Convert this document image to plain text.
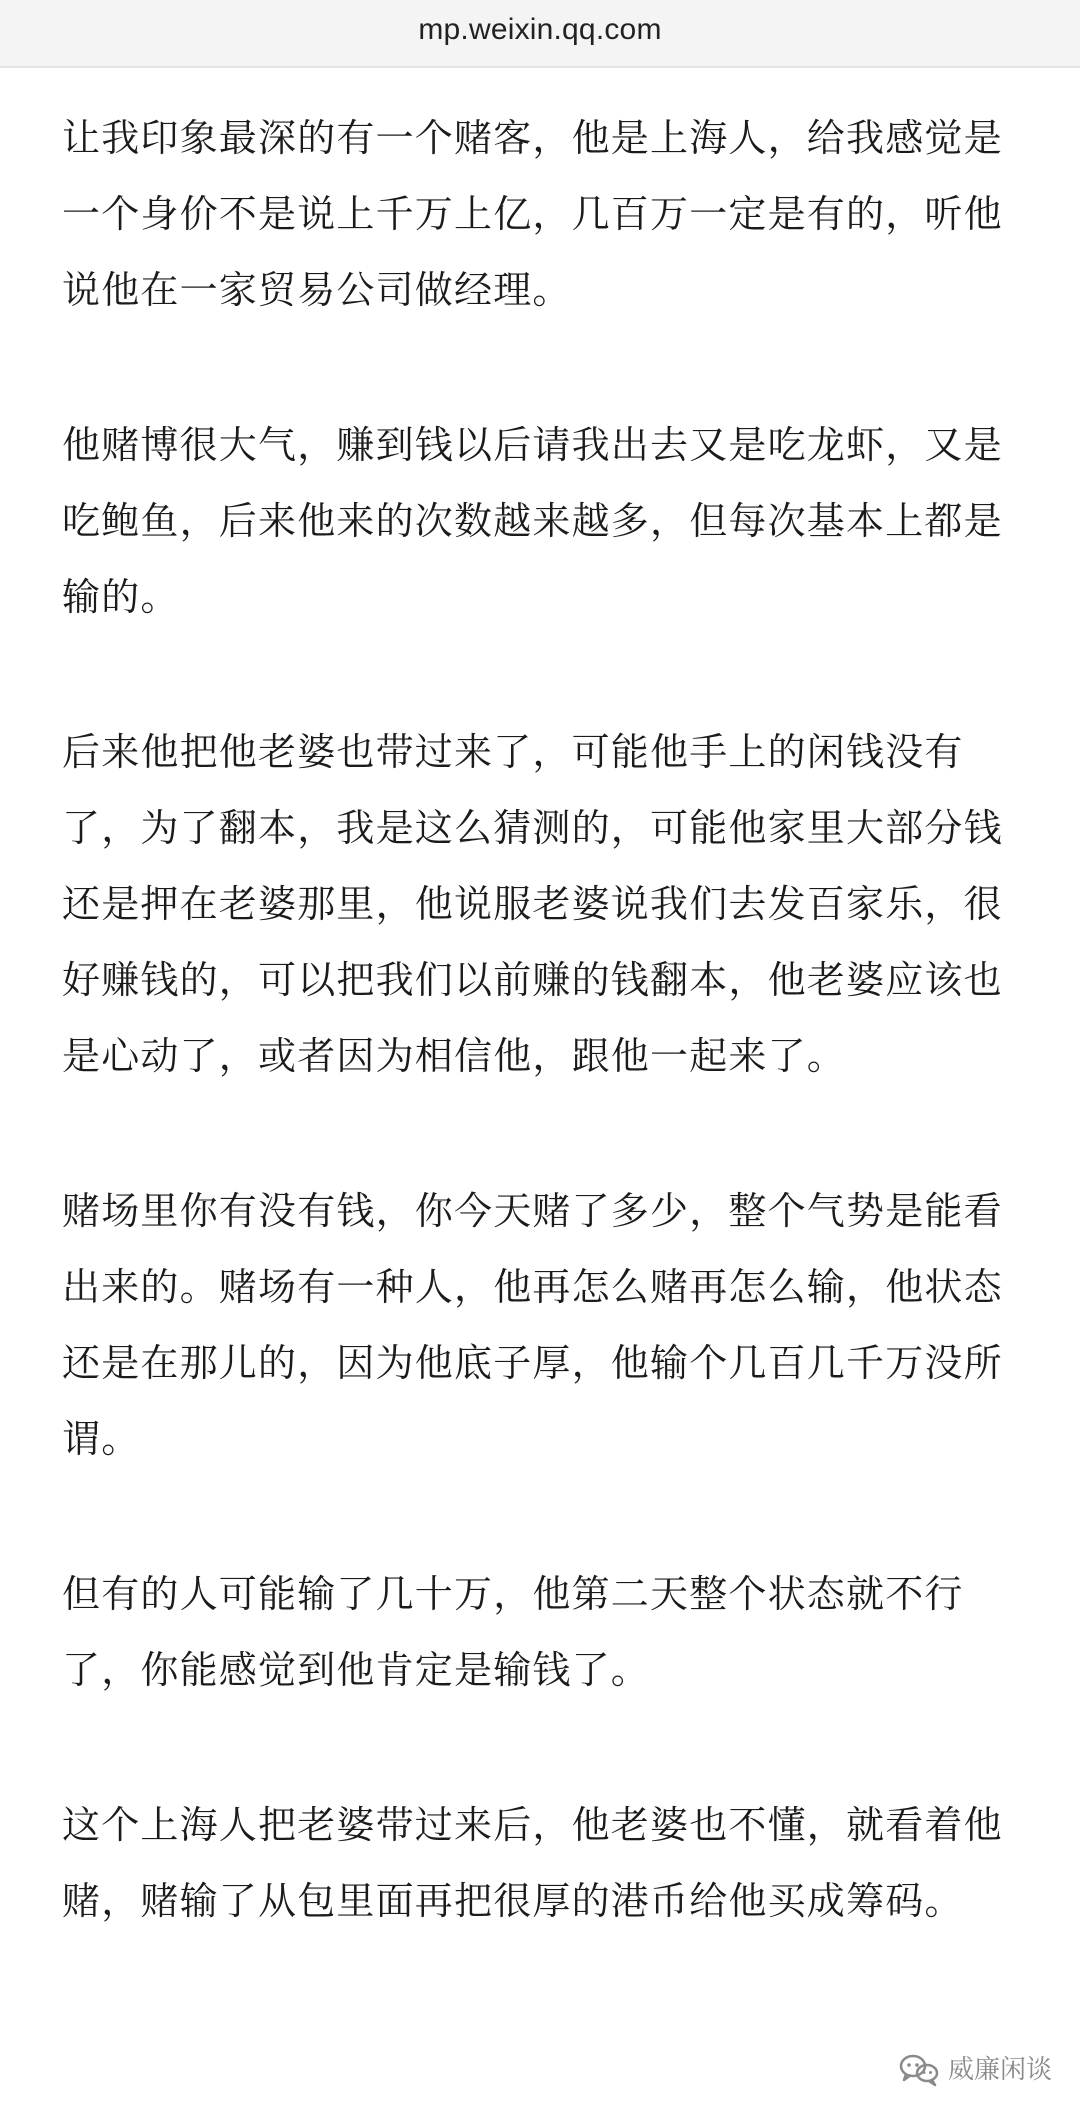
mp.weixin.qq.com

让我印象最深的有一个赌客，他是上海人，给我感觉是一个身价不是说上千万上亿，几百万一定是有的，听他说他在一家贸易公司做经理。

他赌博很大气，赚到钱以后请我出去又是吃龙虾，又是吃鲍鱼，后来他来的次数越来越多，但每次基本上都是输的。

后来他把他老婆也带过来了，可能他手上的闲钱没有了，为了翻本，我是这么猜测的，可能他家里大部分钱还是押在老婆那里，他说服老婆说我们去发百家乐，很好赚钱的，可以把我们以前赚的钱翻本，他老婆应该也是心动了，或者因为相信他，跟他一起来了。

赌场里你有没有钱，你今天赌了多少，整个气势是能看出来的。赌场有一种人，他再怎么赌再怎么输，他状态还是在那儿的，因为他底子厚，他输个几百几千万没所谓。

但有的人可能输了几十万，他第二天整个状态就不行了，你能感觉到他肯定是输钱了。

这个上海人把老婆带过来后，他老婆也不懂，就看着他赌，赌输了从包里面再把很厚的港币给他买成筹码。

威廉闲谈
